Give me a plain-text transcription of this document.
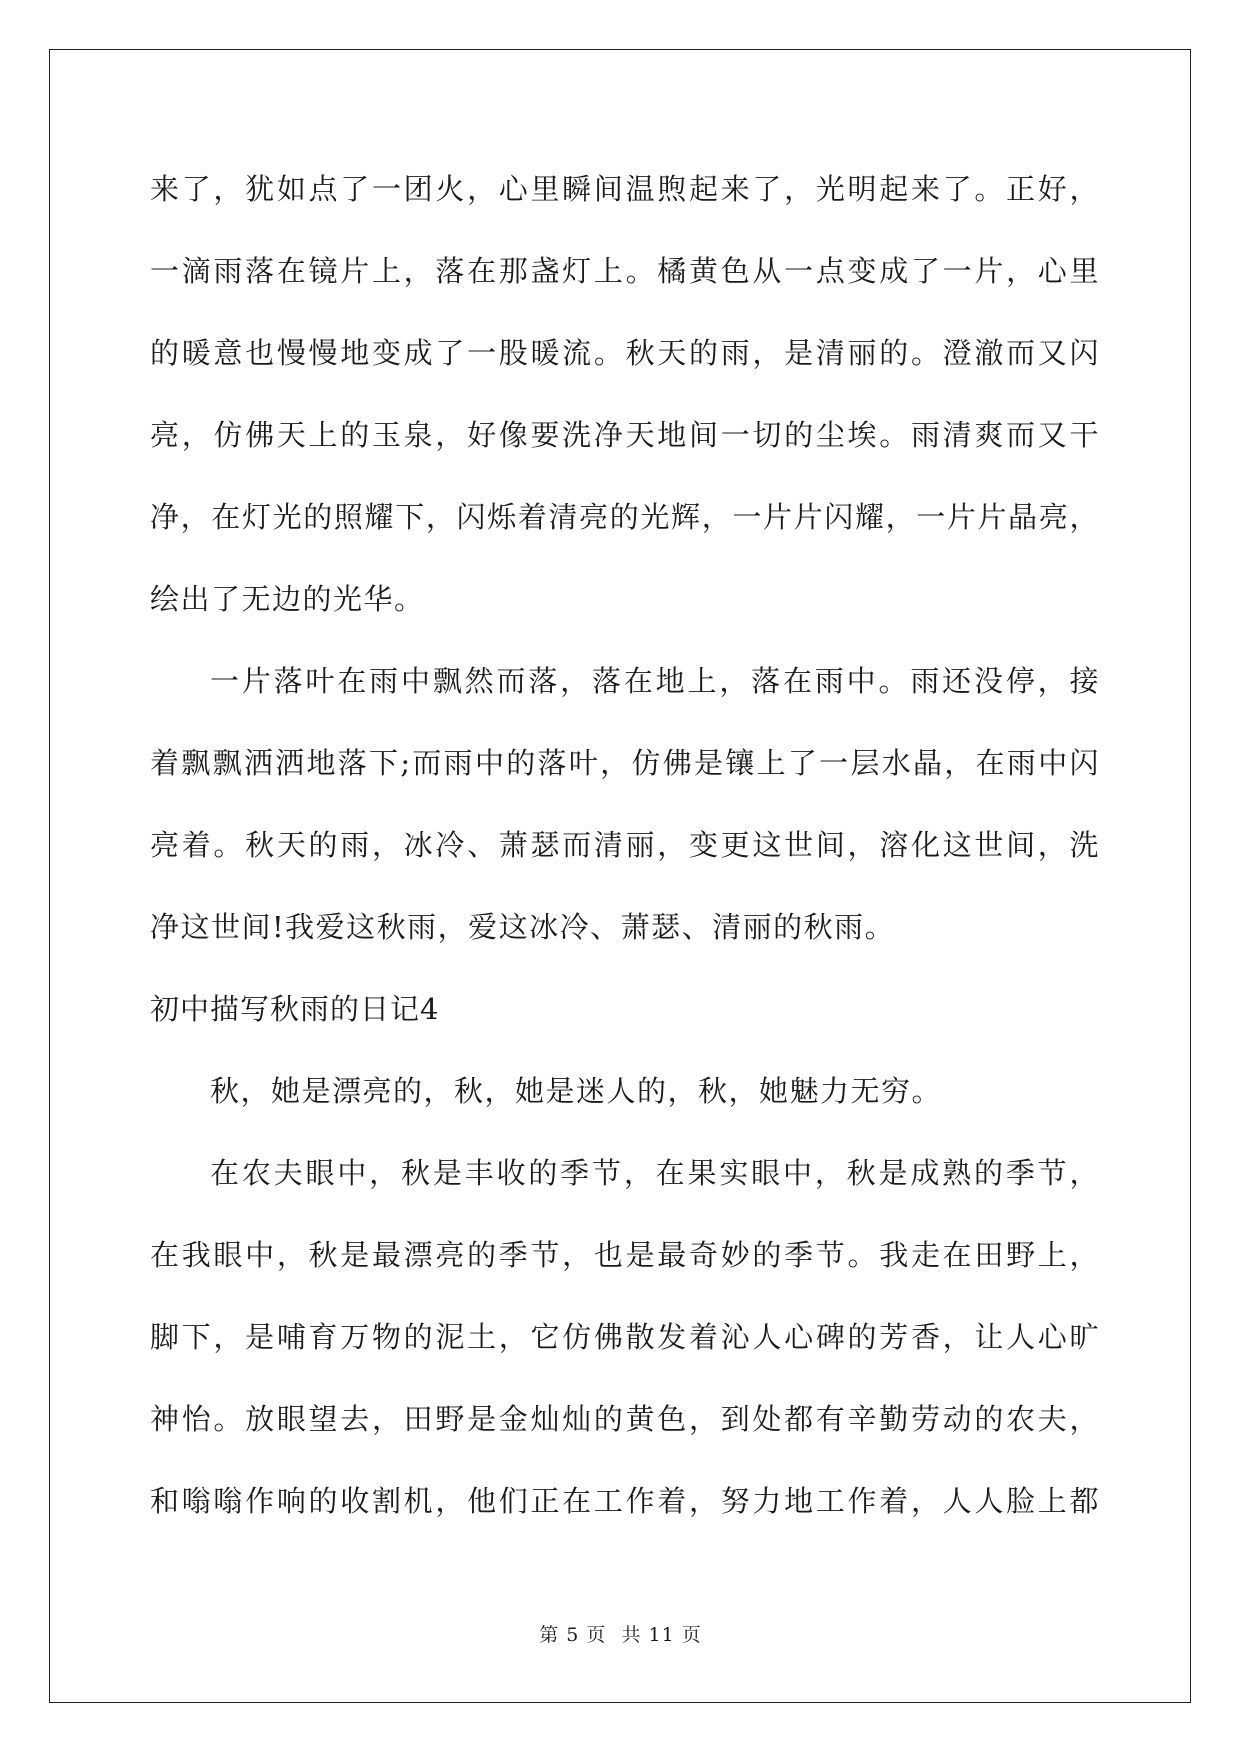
来了，犹如点了一团火，心里瞬间温煦起来了，光明起来了。正好，
一滴雨落在镜片上，落在那盏灯上。橘黄色从一点变成了一片，心里
的暖意也慢慢地变成了一股暖流。秋天的雨，是清丽的。澄澈而又闪
亮，仿佛天上的玉泉，好像要洗净天地间一切的尘埃。雨清爽而又干
净，在灯光的照耀下，闪烁着清亮的光辉，一片片闪耀，一片片晶亮，
绘出了无边的光华。
一片落叶在雨中飘然而落，落在地上，落在雨中。雨还没停，接
着飘飘洒洒地落下;而雨中的落叶，仿佛是镶上了一层水晶，在雨中闪
亮着。秋天的雨，冰冷、萧瑟而清丽，变更这世间，溶化这世间，洗
净这世间!我爱这秋雨，爱这冰冷、萧瑟、清丽的秋雨。
初中描写秋雨的日记4
秋，她是漂亮的，秋，她是迷人的，秋，她魅力无穷。
在农夫眼中，秋是丰收的季节，在果实眼中，秋是成熟的季节，
在我眼中，秋是最漂亮的季节，也是最奇妙的季节。我走在田野上，
脚下，是哺育万物的泥土，它仿佛散发着沁人心碑的芳香，让人心旷
神怡。放眼望去，田野是金灿灿的黄色，到处都有辛勤劳动的农夫，
和嗡嗡作响的收割机，他们正在工作着，努力地工作着，人人脸上都
第 5 页 共 11 页
